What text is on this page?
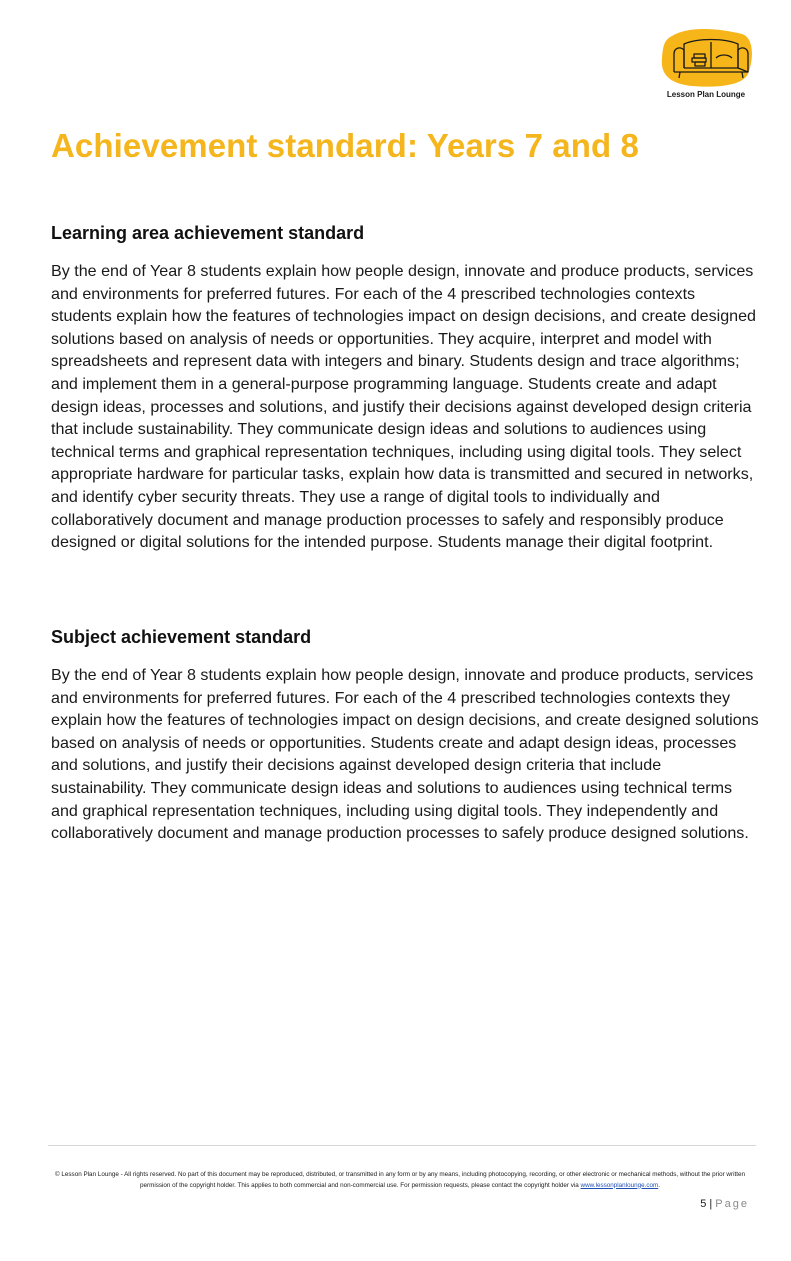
Lesson Plan Lounge
Achievement standard: Years 7 and 8
Learning area achievement standard

By the end of Year 8 students explain how people design, innovate and produce products, services and environments for preferred futures. For each of the 4 prescribed technologies contexts students explain how the features of technologies impact on design decisions, and create designed solutions based on analysis of needs or opportunities. They acquire, interpret and model with spreadsheets and represent data with integers and binary. Students design and trace algorithms; and implement them in a general-purpose programming language. Students create and adapt design ideas, processes and solutions, and justify their decisions against developed design criteria that include sustainability. They communicate design ideas and solutions to audiences using technical terms and graphical representation techniques, including using digital tools. They select appropriate hardware for particular tasks, explain how data is transmitted and secured in networks, and identify cyber security threats. They use a range of digital tools to individually and collaboratively document and manage production processes to safely and responsibly produce designed or digital solutions for the intended purpose. Students manage their digital footprint.

Subject achievement standard

By the end of Year 8 students explain how people design, innovate and produce products, services and environments for preferred futures. For each of the 4 prescribed technologies contexts they explain how the features of technologies impact on design decisions, and create designed solutions based on analysis of needs or opportunities. Students create and adapt design ideas, processes and solutions, and justify their decisions against developed design criteria that include sustainability. They communicate design ideas and solutions to audiences using technical terms and graphical representation techniques, including using digital tools. They independently and collaboratively document and manage production processes to safely produce designed solutions.

© Lesson Plan Lounge - All rights reserved. No part of this document may be reproduced, distributed, or transmitted in any form or by any means, including photocopying, recording, or other electronic or mechanical methods, without the prior written permission of the copyright holder. This applies to both commercial and non-commercial use. For permission requests, please contact the copyright holder via www.lessonplanlounge.com.

5 | Page
